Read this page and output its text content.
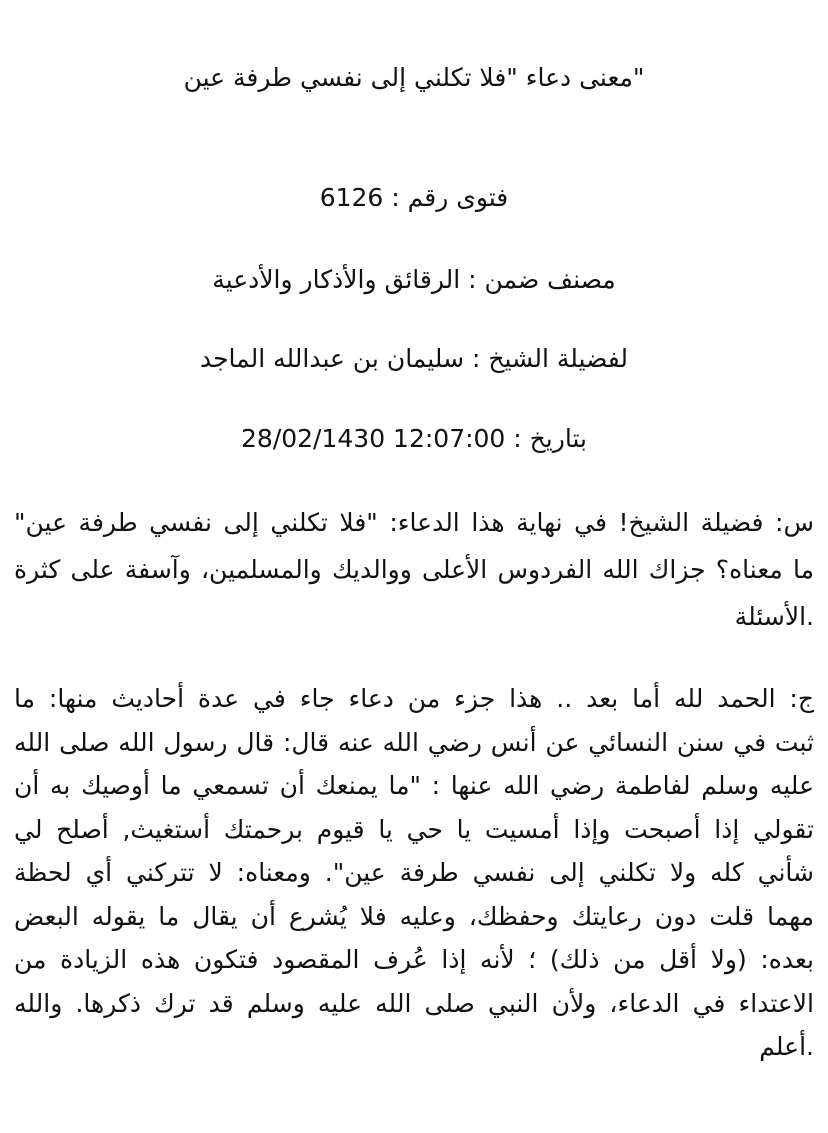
"معنى دعاء "فلا تكلني إلى نفسي طرفة عين
فتوى رقم : 6126
مصنف ضمن : الرقائق والأذكار والأدعية
لفضيلة الشيخ : سليمان بن عبدالله الماجد
بتاريخ : 28/02/1430 12:07:00
س: فضيلة الشيخ! في نهاية هذا الدعاء: "فلا تكلني إلى نفسي طرفة عين"
ما معناه؟ جزاك الله الفردوس الأعلى ووالديك والمسلمين، وآسفة على كثرة
.الأسئلة
ج: الحمد لله أما بعد .. هذا جزء من دعاء جاء في عدة أحاديث منها: ما
ثبت في سنن النسائي عن أنس رضي الله عنه قال: قال رسول الله صلى الله
عليه وسلم لفاطمة رضي الله عنها : "ما يمنعك أن تسمعي ما أوصيك به أن
تقولي إذا أصبحت وإذا أمسيت يا حي يا قيوم برحمتك أستغيث, أصلح لي
شأني كله ولا تكلني إلى نفسي طرفة عين". ومعناه: لا تتركني أي لحظة
مهما قلت دون رعايتك وحفظك، وعليه فلا يُشرع أن يقال ما يقوله البعض
بعده: (ولا أقل من ذلك) ؛ لأنه إذا عُرف المقصود فتكون هذه الزيادة من
الاعتداء في الدعاء، ولأن النبي صلى الله عليه وسلم قد ترك ذكرها. والله
.أعلم
